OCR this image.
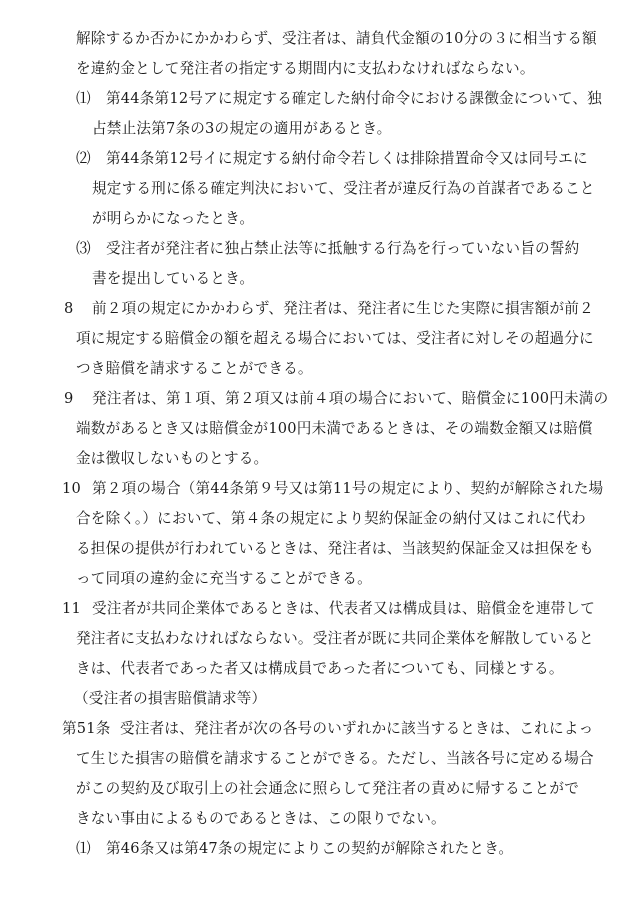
解除するか否かにかかわらず、受注者は、請負代金額の10分の３に相当する額
を違約金として発注者の指定する期間内に支払わなければならない。
⑴ 第44条第12号アに規定する確定した納付命令における課徴金について、独
占禁止法第7条の3の規定の適用があるとき。
⑵ 第44条第12号イに規定する納付命令若しくは排除措置命令又は同号エに
規定する刑に係る確定判決において、受注者が違反行為の首謀者であること
が明らかになったとき。
⑶ 受注者が発注者に独占禁止法等に抵触する行為を行っていない旨の誓約
書を提出しているとき。
8 前２項の規定にかかわらず、発注者は、発注者に生じた実際に損害額が前２
項に規定する賠償金の額を超える場合においては、受注者に対しその超過分に
つき賠償を請求することができる。
9 発注者は、第１項、第２項又は前４項の場合において、賠償金に100円未満の
端数があるとき又は賠償金が100円未満であるときは、その端数金額又は賠償
金は徴収しないものとする。
10 第２項の場合（第44条第９号又は第11号の規定により、契約が解除された場
合を除く。）において、第４条の規定により契約保証金の納付又はこれに代わ
る担保の提供が行われているときは、発注者は、当該契約保証金又は担保をも
って同項の違約金に充当することができる。
11 受注者が共同企業体であるときは、代表者又は構成員は、賠償金を連帯して
発注者に支払わなければならない。受注者が既に共同企業体を解散していると
きは、代表者であった者又は構成員であった者についても、同様とする。
（受注者の損害賠償請求等）
第51条 受注者は、発注者が次の各号のいずれかに該当するときは、これによっ
て生じた損害の賠償を請求することができる。ただし、当該各号に定める場合
がこの契約及び取引上の社会通念に照らして発注者の責めに帰することがで
きない事由によるものであるときは、この限りでない。
⑴ 第46条又は第47条の規定によりこの契約が解除されたとき。
